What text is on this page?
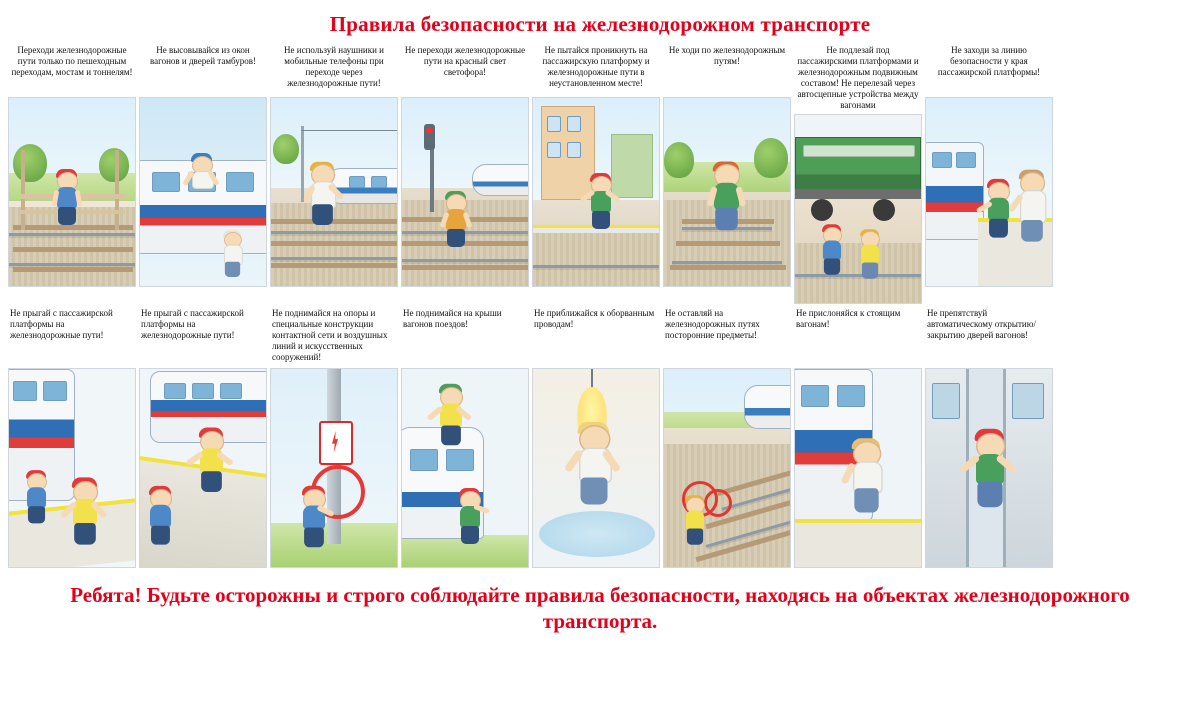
Правила безопасности на железнодорожном транспорте
Переходи железнодорожные пути только по пешеходным переходам, мостам и тоннелям!
Не высовывайся из окон вагонов и дверей тамбуров!
Не используй наушники и мобильные телефоны при переходе через железнодорожные пути!
Не переходи железнодорожные пути на красный свет светофора!
Не пытайся проникнуть на пассажирскую платформу и железнодорожные пути в неустановленном месте!
Не ходи по железнодорожным путям!
Не подлезай под пассажирскими платформами и железнодорожным подвижным составом! Не перелезай через автосцепные устройства между вагонами
Не заходи за линию безопасности у края пассажирской платформы!
Не прыгай с пассажирской платформы на железнодорожные пути!
Не прыгай с пассажирской платформы на железнодорожные пути!
Не поднимайся на опоры и специальные конструкции контактной сети и воздушных линий и искусственных сооружений!
Не поднимайся на крыши вагонов поездов!
Не приближайся к оборванным проводам!
Не оставляй на железнодорожных путях посторонние предметы!
Не прислоняйся к стоящим вагонам!
Не препятствуй автоматическому открытию/закрытию дверей вагонов!
Ребята! Будьте осторожны и строго соблюдайте правила безопасности, находясь на объектах железнодорожного транспорта.
